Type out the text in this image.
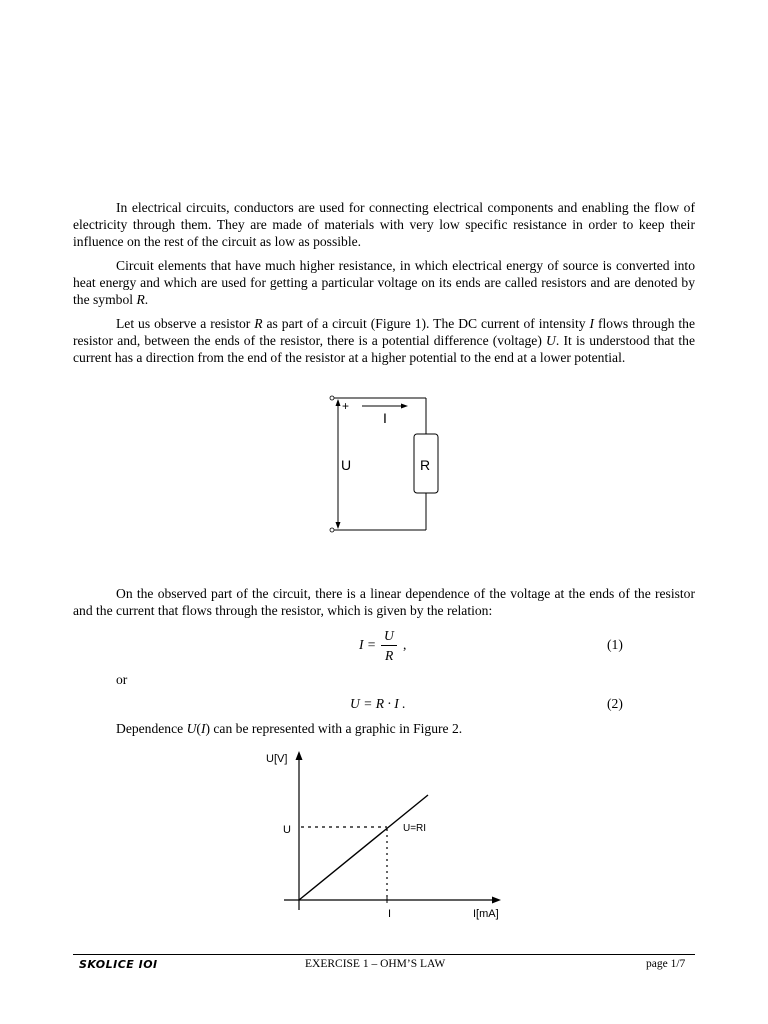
In electrical circuits, conductors are used for connecting electrical components and enabling the flow of electricity through them. They are made of materials with very low specific resistance in order to keep their influence on the rest of the circuit as low as possible.

Circuit elements that have much higher resistance, in which electrical energy of source is converted into heat energy and which are used for getting a particular voltage on its ends are called resistors and are denoted by the symbol R.

Let us observe a resistor R as part of a circuit (Figure 1). The DC current of intensity I flows through the resistor and, between the ends of the resistor, there is a potential difference (voltage) U. It is understood that the current has a direction from the end of the resistor at a higher potential to the end at a lower potential.

R
+
U
I

On the observed part of the circuit, there is a linear dependence of the voltage at the ends of the resistor and the current that flows through the resistor, which is given by the relation:

I =
U
R
,	(1)
or
U = R · I .	(2)

Dependence U(I) can be represented with a graphic in Figure 2.

U[V]
I[mA]
U
I
U=RI
SKOLICE IOI	EXERCISE 1 – OHM’S LAW	page 1/7
